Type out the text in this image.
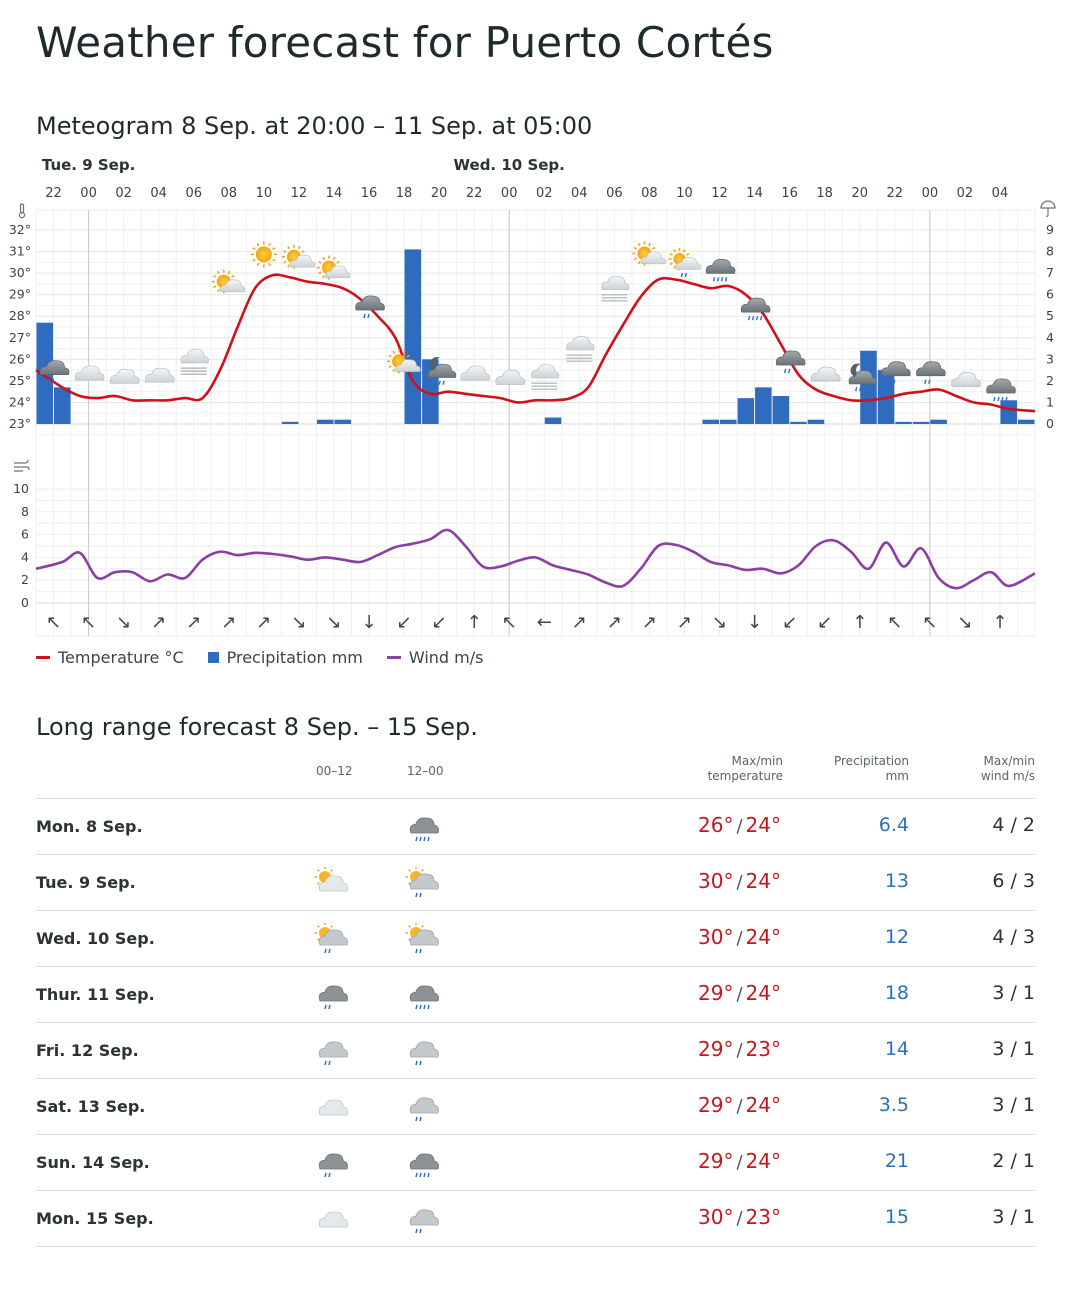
Weather forecast for Puerto Cortés
Meteogram 8 Sep. at 20:00 – 11 Sep. at 05:00
Tue. 9 Sep.	Wed. 10 Sep.
22 00 02 04 06 08 10 12 14 16 18 20 22 00 02 04 06 08 10 12 14 16 18 20 22 00 02 04
32°
31°
30°
29°
28°
27°
26°
25°
24°
23°
9
8
7
6
5
4
3
2
1
0
10
8
6
4
2
0
↖ ↖ ↘ ↗ ↗ ↗ ↗ ↘ ↘ ↓ ↙ ↙ ↑ ↖ ← ↗ ↗ ↗ ↗ ↘ ↓ ↙ ↙ ↑ ↖ ↖ ↘ ↑
Temperature °C	Precipitation mm	Wind m/s
Long range forecast 8 Sep. – 15 Sep.
00–12	12–00
Max/min
temperature
Precipitation
mm
Max/min
wind m/s
Mon. 8 Sep.	26° / 24°	6.4	4 / 2
Tue. 9 Sep.	30° / 24°	13	6 / 3
Wed. 10 Sep.	30° / 24°	12	4 / 3
Thur. 11 Sep.	29° / 24°	18	3 / 1
Fri. 12 Sep.	29° / 23°	14	3 / 1
Sat. 13 Sep.	29° / 24°	3.5	3 / 1
Sun. 14 Sep.	29° / 24°	21	2 / 1
Mon. 15 Sep.	30° / 23°	15	3 / 1
